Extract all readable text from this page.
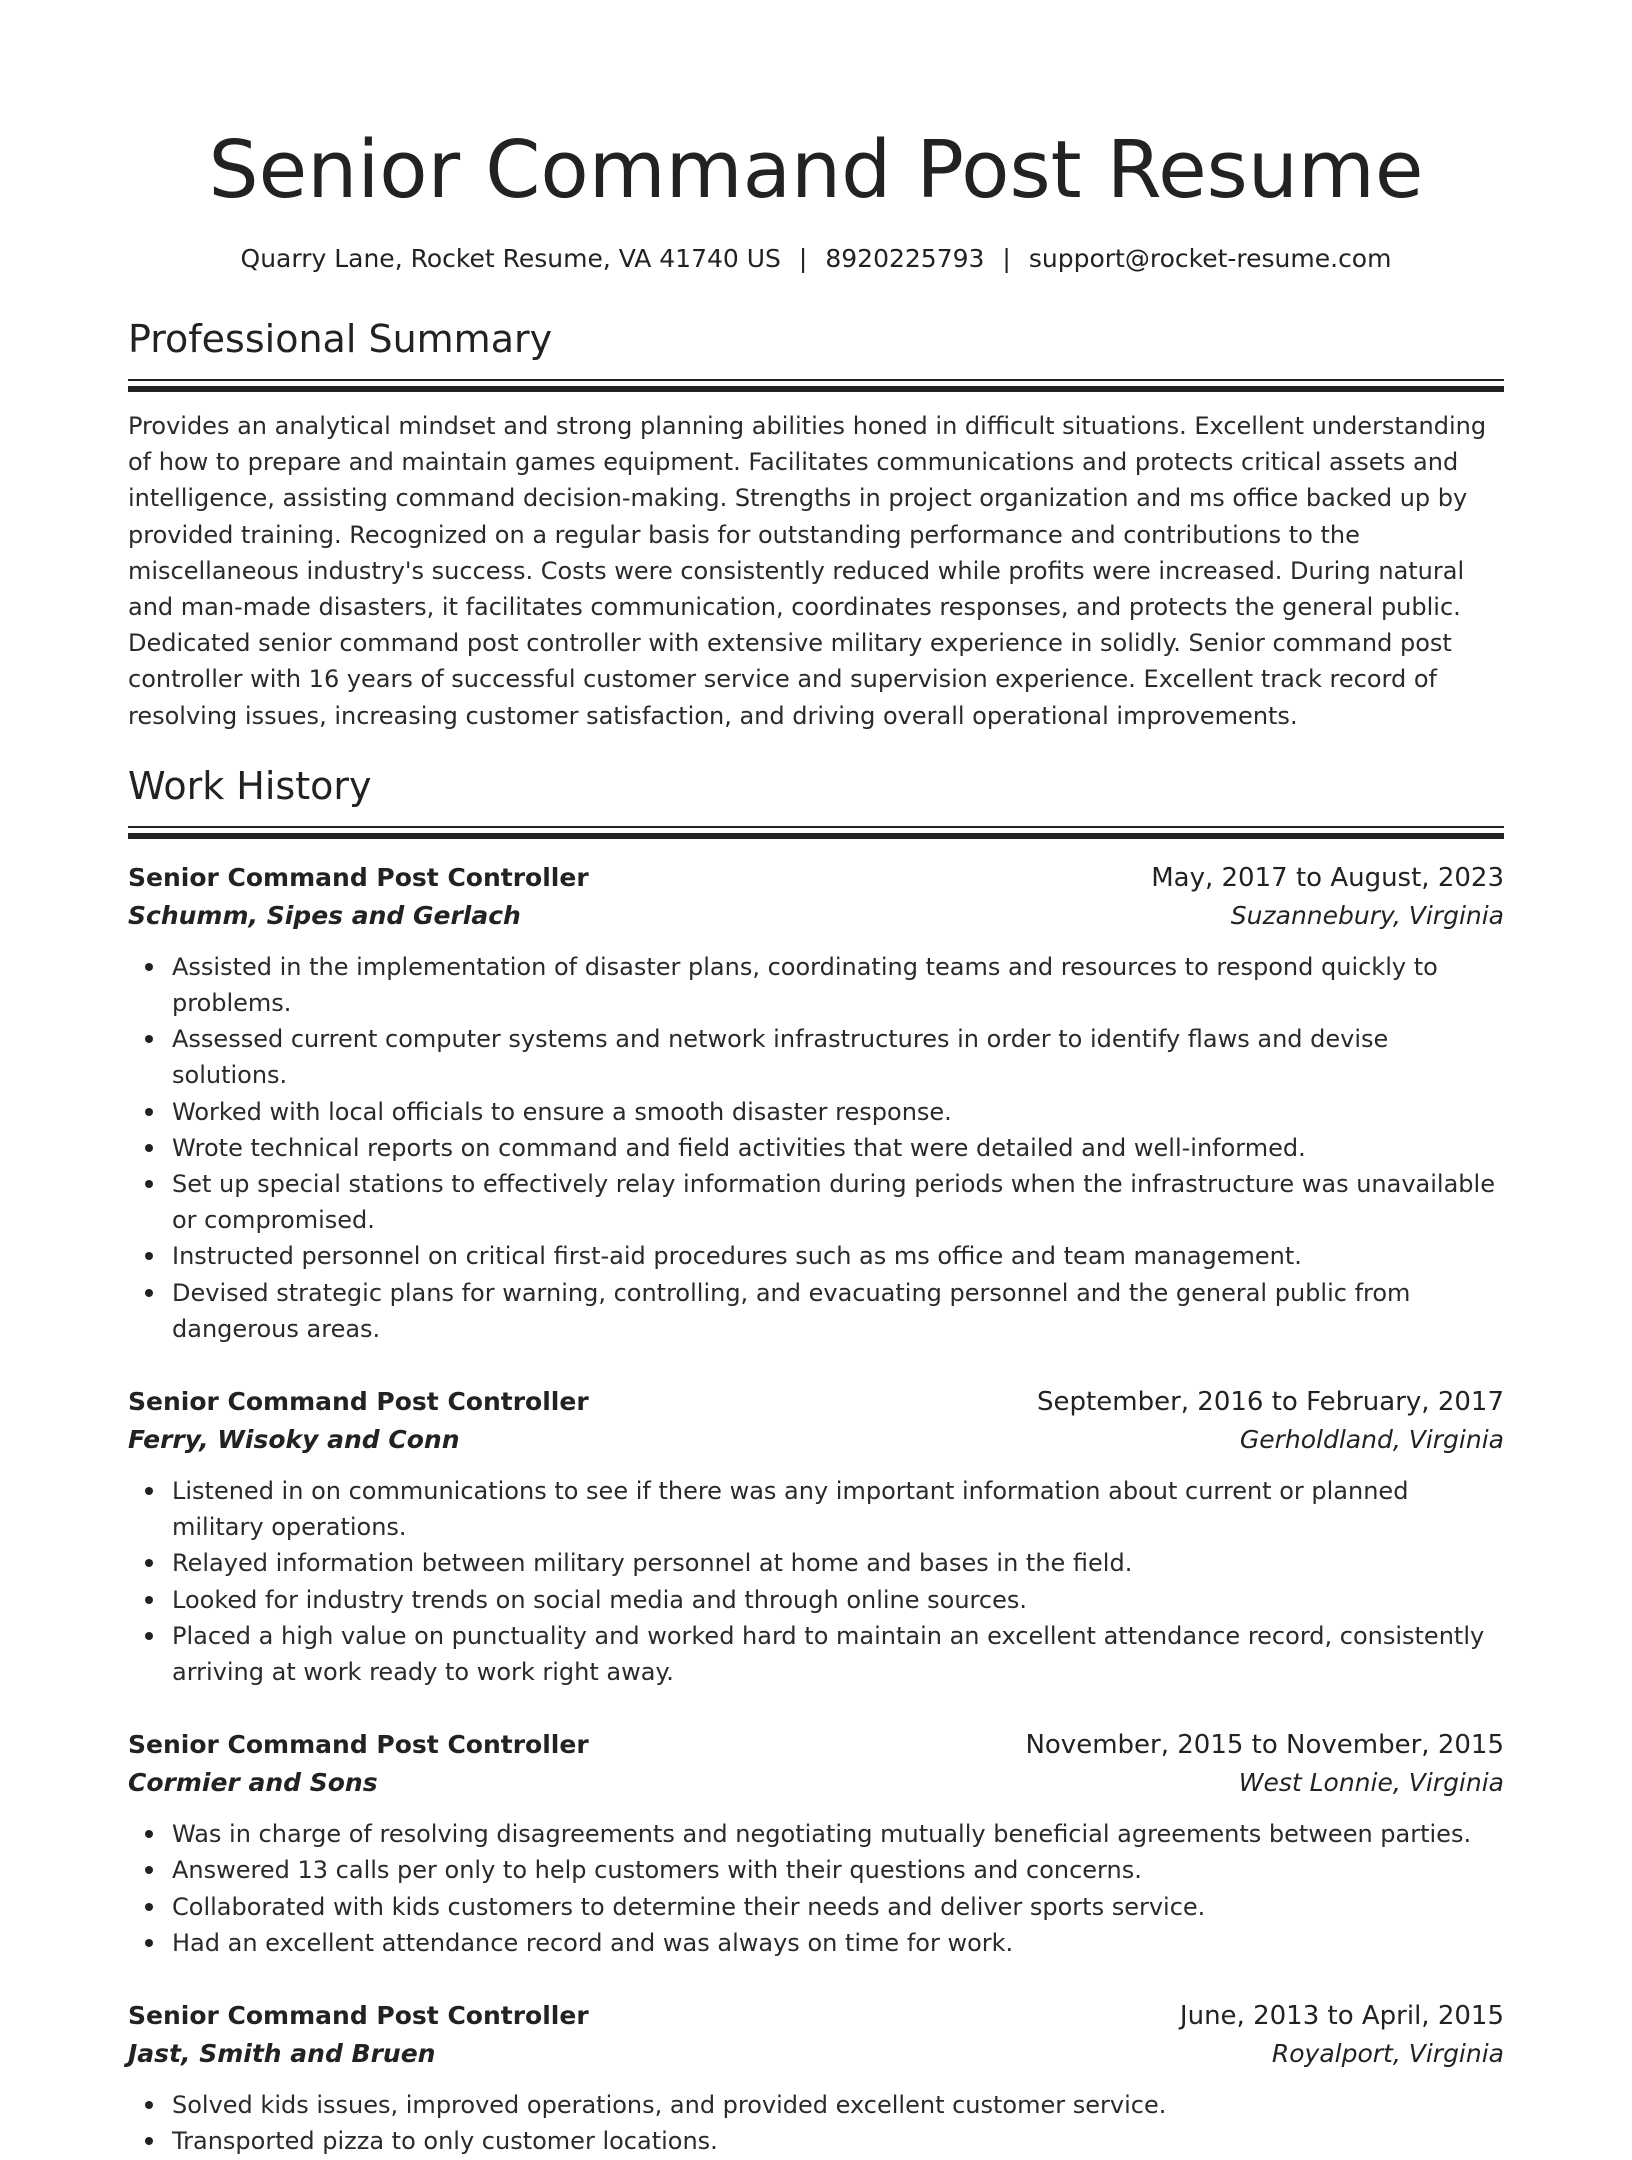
Senior Command Post Resume
Quarry Lane, Rocket Resume, VA 41740 US | 8920225793 | support@rocket-resume.com
Professional Summary

Provides an analytical mindset and strong planning abilities honed in difficult situations. Excellent understanding of how to prepare and maintain games equipment. Facilitates communications and protects critical assets and intelligence, assisting command decision-making. Strengths in project organization and ms office backed up by provided training. Recognized on a regular basis for outstanding performance and contributions to the miscellaneous industry's success. Costs were consistently reduced while profits were increased. During natural and man-made disasters, it facilitates communication, coordinates responses, and protects the general public. Dedicated senior command post controller with extensive military experience in solidly. Senior command post controller with 16 years of successful customer service and supervision experience. Excellent track record of resolving issues, increasing customer satisfaction, and driving overall operational improvements.

Work History
Senior Command Post Controller	May, 2017 to August, 2023
Schumm, Sipes and Gerlach	Suzannebury, Virginia
Assisted in the implementation of disaster plans, coordinating teams and resources to respond quickly to problems.
Assessed current computer systems and network infrastructures in order to identify flaws and devise solutions.
Worked with local officials to ensure a smooth disaster response.
Wrote technical reports on command and field activities that were detailed and well-informed.
Set up special stations to effectively relay information during periods when the infrastructure was unavailable or compromised.
Instructed personnel on critical first-aid procedures such as ms office and team management.
Devised strategic plans for warning, controlling, and evacuating personnel and the general public from dangerous areas.
Senior Command Post Controller	September, 2016 to February, 2017
Ferry, Wisoky and Conn	Gerholdland, Virginia
Listened in on communications to see if there was any important information about current or planned military operations.
Relayed information between military personnel at home and bases in the field.
Looked for industry trends on social media and through online sources.
Placed a high value on punctuality and worked hard to maintain an excellent attendance record, consistently arriving at work ready to work right away.
Senior Command Post Controller	November, 2015 to November, 2015
Cormier and Sons	West Lonnie, Virginia
Was in charge of resolving disagreements and negotiating mutually beneficial agreements between parties.
Answered 13 calls per only to help customers with their questions and concerns.
Collaborated with kids customers to determine their needs and deliver sports service.
Had an excellent attendance record and was always on time for work.
Senior Command Post Controller	June, 2013 to April, 2015
Jast, Smith and Bruen	Royalport, Virginia
Solved kids issues, improved operations, and provided excellent customer service.
Transported pizza to only customer locations.
